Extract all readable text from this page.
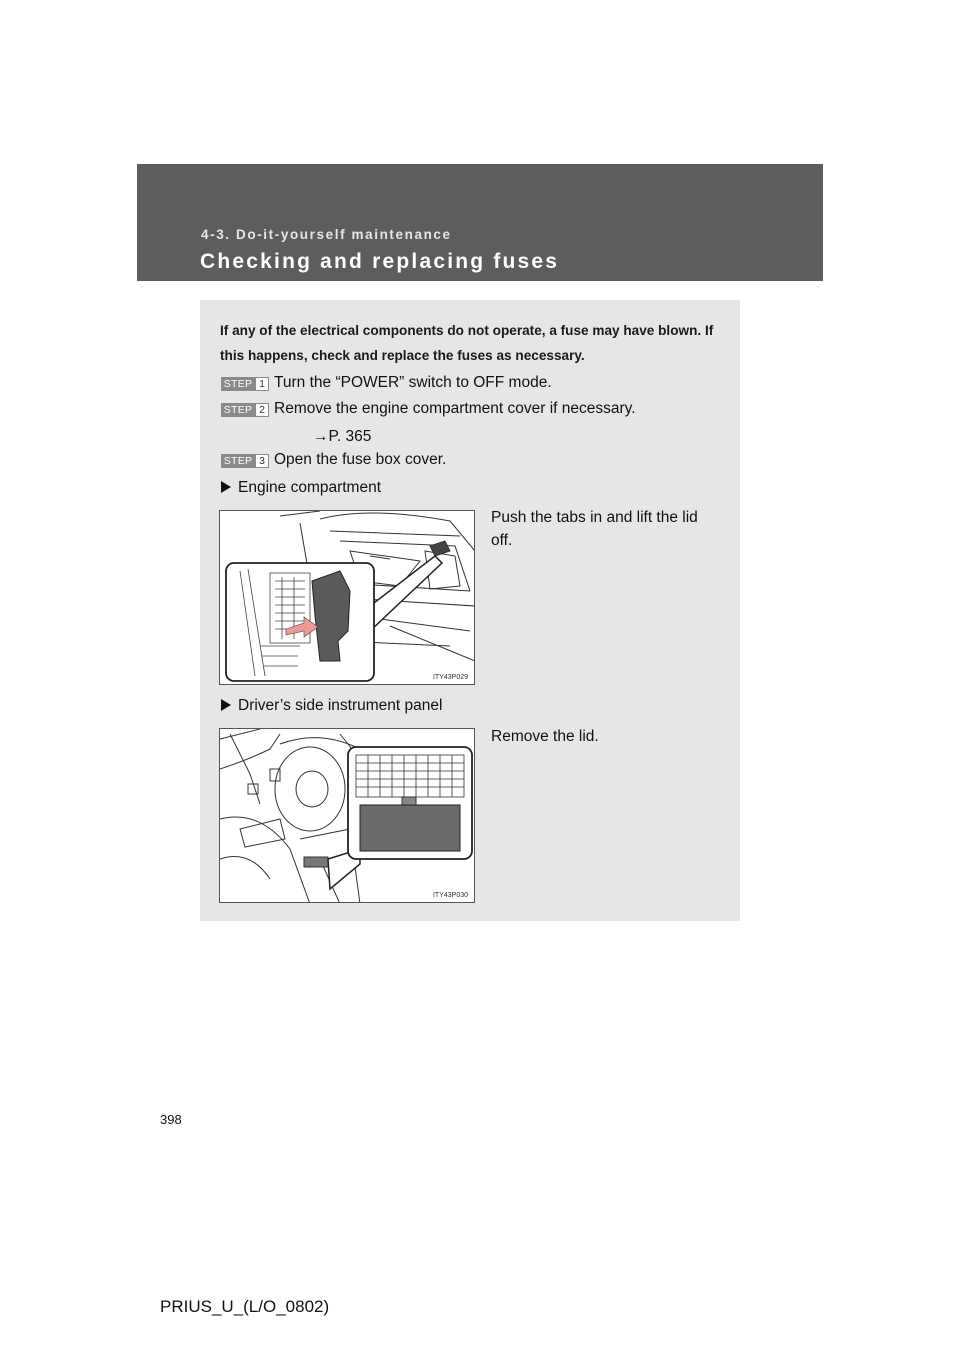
4-3. Do-it-yourself maintenance
Checking and replacing fuses
If any of the electrical components do not operate, a fuse may have blown. If this happens, check and replace the fuses as necessary.
STEP 1 Turn the “POWER” switch to OFF mode.
STEP 2 Remove the engine compartment cover if necessary.
→P. 365
STEP 3 Open the fuse box cover.
Engine compartment
Push the tabs in and lift the lid off.
ITY43P029
Driver’s side instrument panel
Remove the lid.
ITY43P030
398
PRIUS_U_(L/O_0802)
